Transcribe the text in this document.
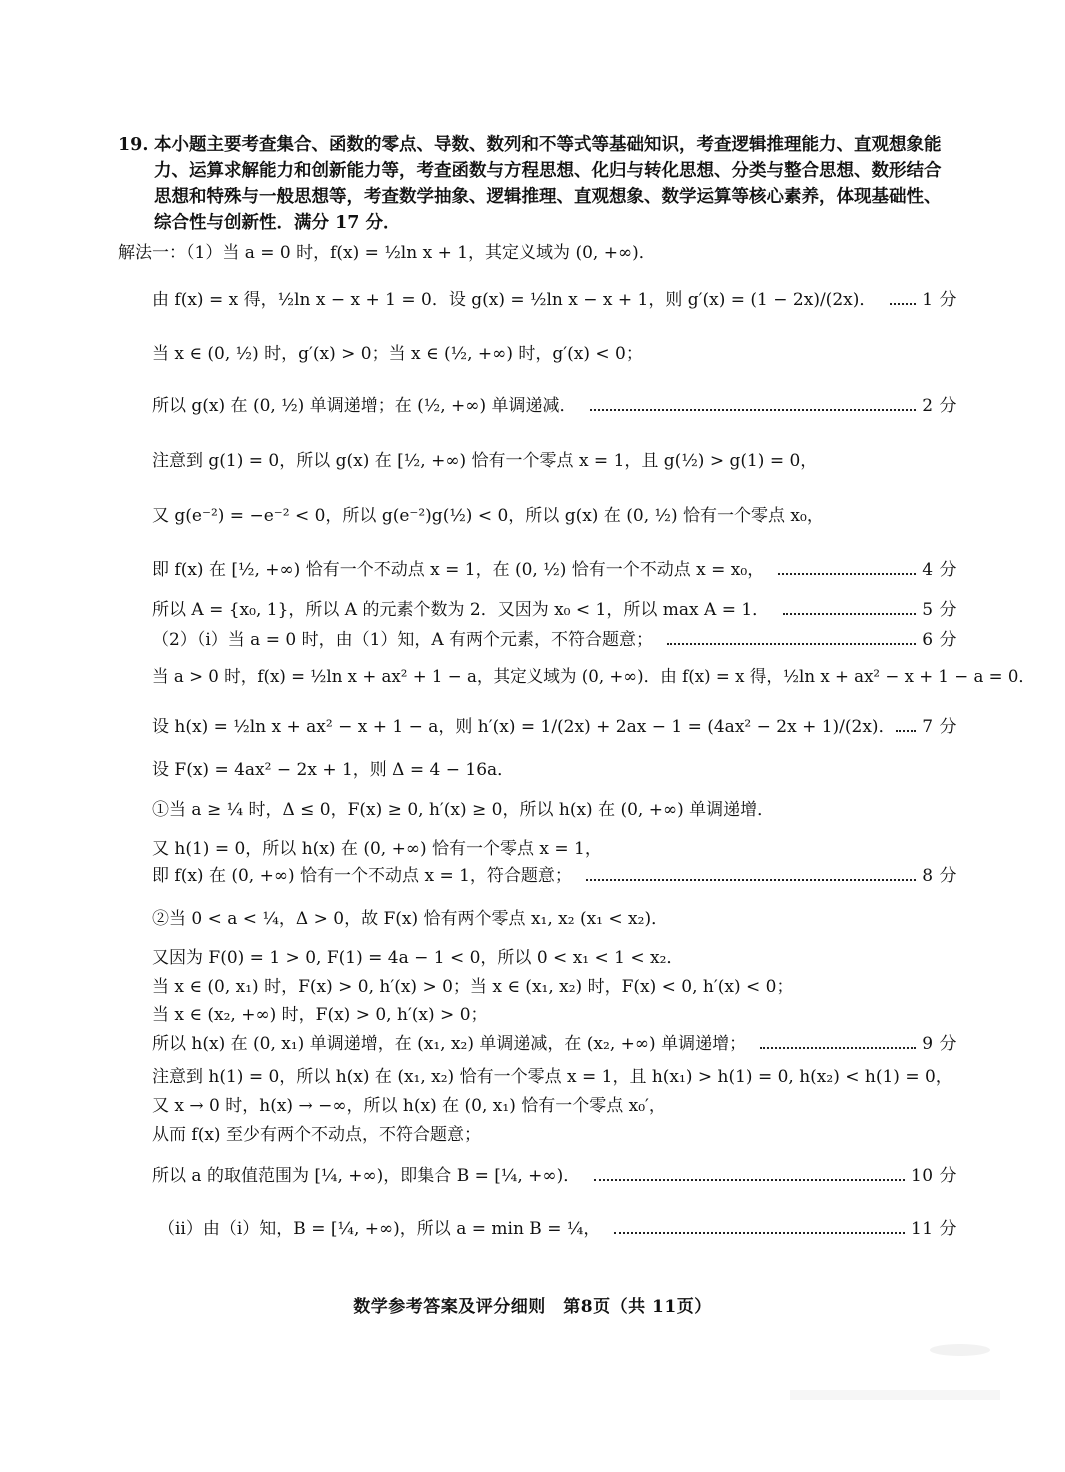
19. 本小题主要考查集合、函数的零点、导数、数列和不等式等基础知识，考查逻辑推理能力、直观想象能力、运算求解能力和创新能力等，考查函数与方程思想、化归与转化思想、分类与整合思想、数形结合思想和特殊与一般思想等，考查数学抽象、逻辑推理、直观想象、数学运算等核心素养，体现基础性、综合性与创新性．满分 17 分．
解法一：（1）当 a = 0 时，f(x) = ½ln x + 1，其定义域为 (0, +∞)．
由 f(x) = x 得，½ln x − x + 1 = 0．设 g(x) = ½ln x − x + 1，则 g′(x) = (1 − 2x)/(2x)．	1 分
当 x ∈ (0, ½) 时，g′(x) > 0；当 x ∈ (½, +∞) 时，g′(x) < 0；
所以 g(x) 在 (0, ½) 单调递增；在 (½, +∞) 单调递减．	2 分
注意到 g(1) = 0，所以 g(x) 在 [½, +∞) 恰有一个零点 x = 1，且 g(½) > g(1) = 0，
又 g(e⁻²) = −e⁻² < 0，所以 g(e⁻²)g(½) < 0，所以 g(x) 在 (0, ½) 恰有一个零点 x₀，
即 f(x) 在 [½, +∞) 恰有一个不动点 x = 1，在 (0, ½) 恰有一个不动点 x = x₀，	4 分
所以 A = {x₀, 1}，所以 A 的元素个数为 2．又因为 x₀ < 1，所以 max A = 1．	5 分
（2）（i）当 a = 0 时，由（1）知，A 有两个元素，不符合题意；	6 分
当 a > 0 时，f(x) = ½ln x + ax² + 1 − a，其定义域为 (0, +∞)．由 f(x) = x 得，½ln x + ax² − x + 1 − a = 0．
设 h(x) = ½ln x + ax² − x + 1 − a，则 h′(x) = 1/(2x) + 2ax − 1 = (4ax² − 2x + 1)/(2x)． 7 分
设 F(x) = 4ax² − 2x + 1，则 Δ = 4 − 16a．
①当 a ≥ ¼ 时，Δ ≤ 0，F(x) ≥ 0, h′(x) ≥ 0，所以 h(x) 在 (0, +∞) 单调递增．
又 h(1) = 0，所以 h(x) 在 (0, +∞) 恰有一个零点 x = 1，
即 f(x) 在 (0, +∞) 恰有一个不动点 x = 1，符合题意；	8 分
②当 0 < a < ¼，Δ > 0，故 F(x) 恰有两个零点 x₁, x₂ (x₁ < x₂)．
又因为 F(0) = 1 > 0, F(1) = 4a − 1 < 0，所以 0 < x₁ < 1 < x₂．
当 x ∈ (0, x₁) 时，F(x) > 0, h′(x) > 0；当 x ∈ (x₁, x₂) 时，F(x) < 0, h′(x) < 0；
当 x ∈ (x₂, +∞) 时，F(x) > 0, h′(x) > 0；
所以 h(x) 在 (0, x₁) 单调递增，在 (x₁, x₂) 单调递减，在 (x₂, +∞) 单调递增；	9 分
注意到 h(1) = 0，所以 h(x) 在 (x₁, x₂) 恰有一个零点 x = 1，且 h(x₁) > h(1) = 0, h(x₂) < h(1) = 0，
又 x → 0 时，h(x) → −∞，所以 h(x) 在 (0, x₁) 恰有一个零点 x₀′，
从而 f(x) 至少有两个不动点，不符合题意；
所以 a 的取值范围为 [¼, +∞)，即集合 B = [¼, +∞)．	10 分
（ii）由（i）知，B = [¼, +∞)，所以 a = min B = ¼，	11 分
数学参考答案及评分细则　第8页（共 11页）
